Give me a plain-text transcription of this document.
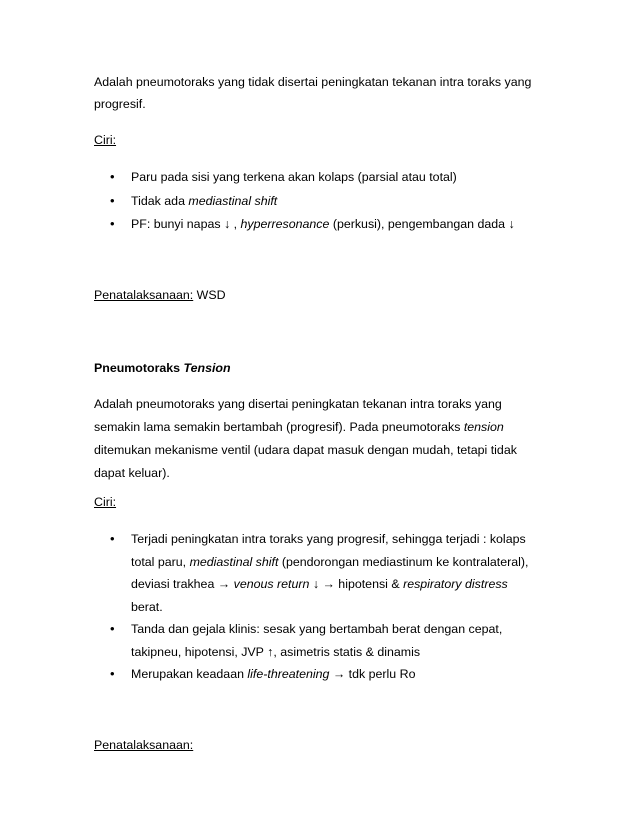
Adalah pneumotoraks yang tidak disertai peningkatan tekanan intra toraks yang
progresif.
Ciri:
• Paru pada sisi yang terkena akan kolaps (parsial atau total)
• Tidak ada mediastinal shift
• PF: bunyi napas ↓ , hyperresonance (perkusi), pengembangan dada ↓
Penatalaksanaan: WSD
Pneumotoraks Tension
Adalah pneumotoraks yang disertai peningkatan tekanan intra toraks yang
semakin lama semakin bertambah (progresif). Pada pneumotoraks tension
ditemukan mekanisme ventil (udara dapat masuk dengan mudah, tetapi tidak
dapat keluar).
Ciri:
• Terjadi peningkatan intra toraks yang progresif, sehingga terjadi : kolaps
total paru, mediastinal shift (pendorongan mediastinum ke kontralateral),
deviasi trakhea → venous return ↓ → hipotensi & respiratory distress
berat.
• Tanda dan gejala klinis: sesak yang bertambah berat dengan cepat,
takipneu, hipotensi, JVP ↑, asimetris statis & dinamis
• Merupakan keadaan life-threatening → tdk perlu Ro
Penatalaksanaan:
